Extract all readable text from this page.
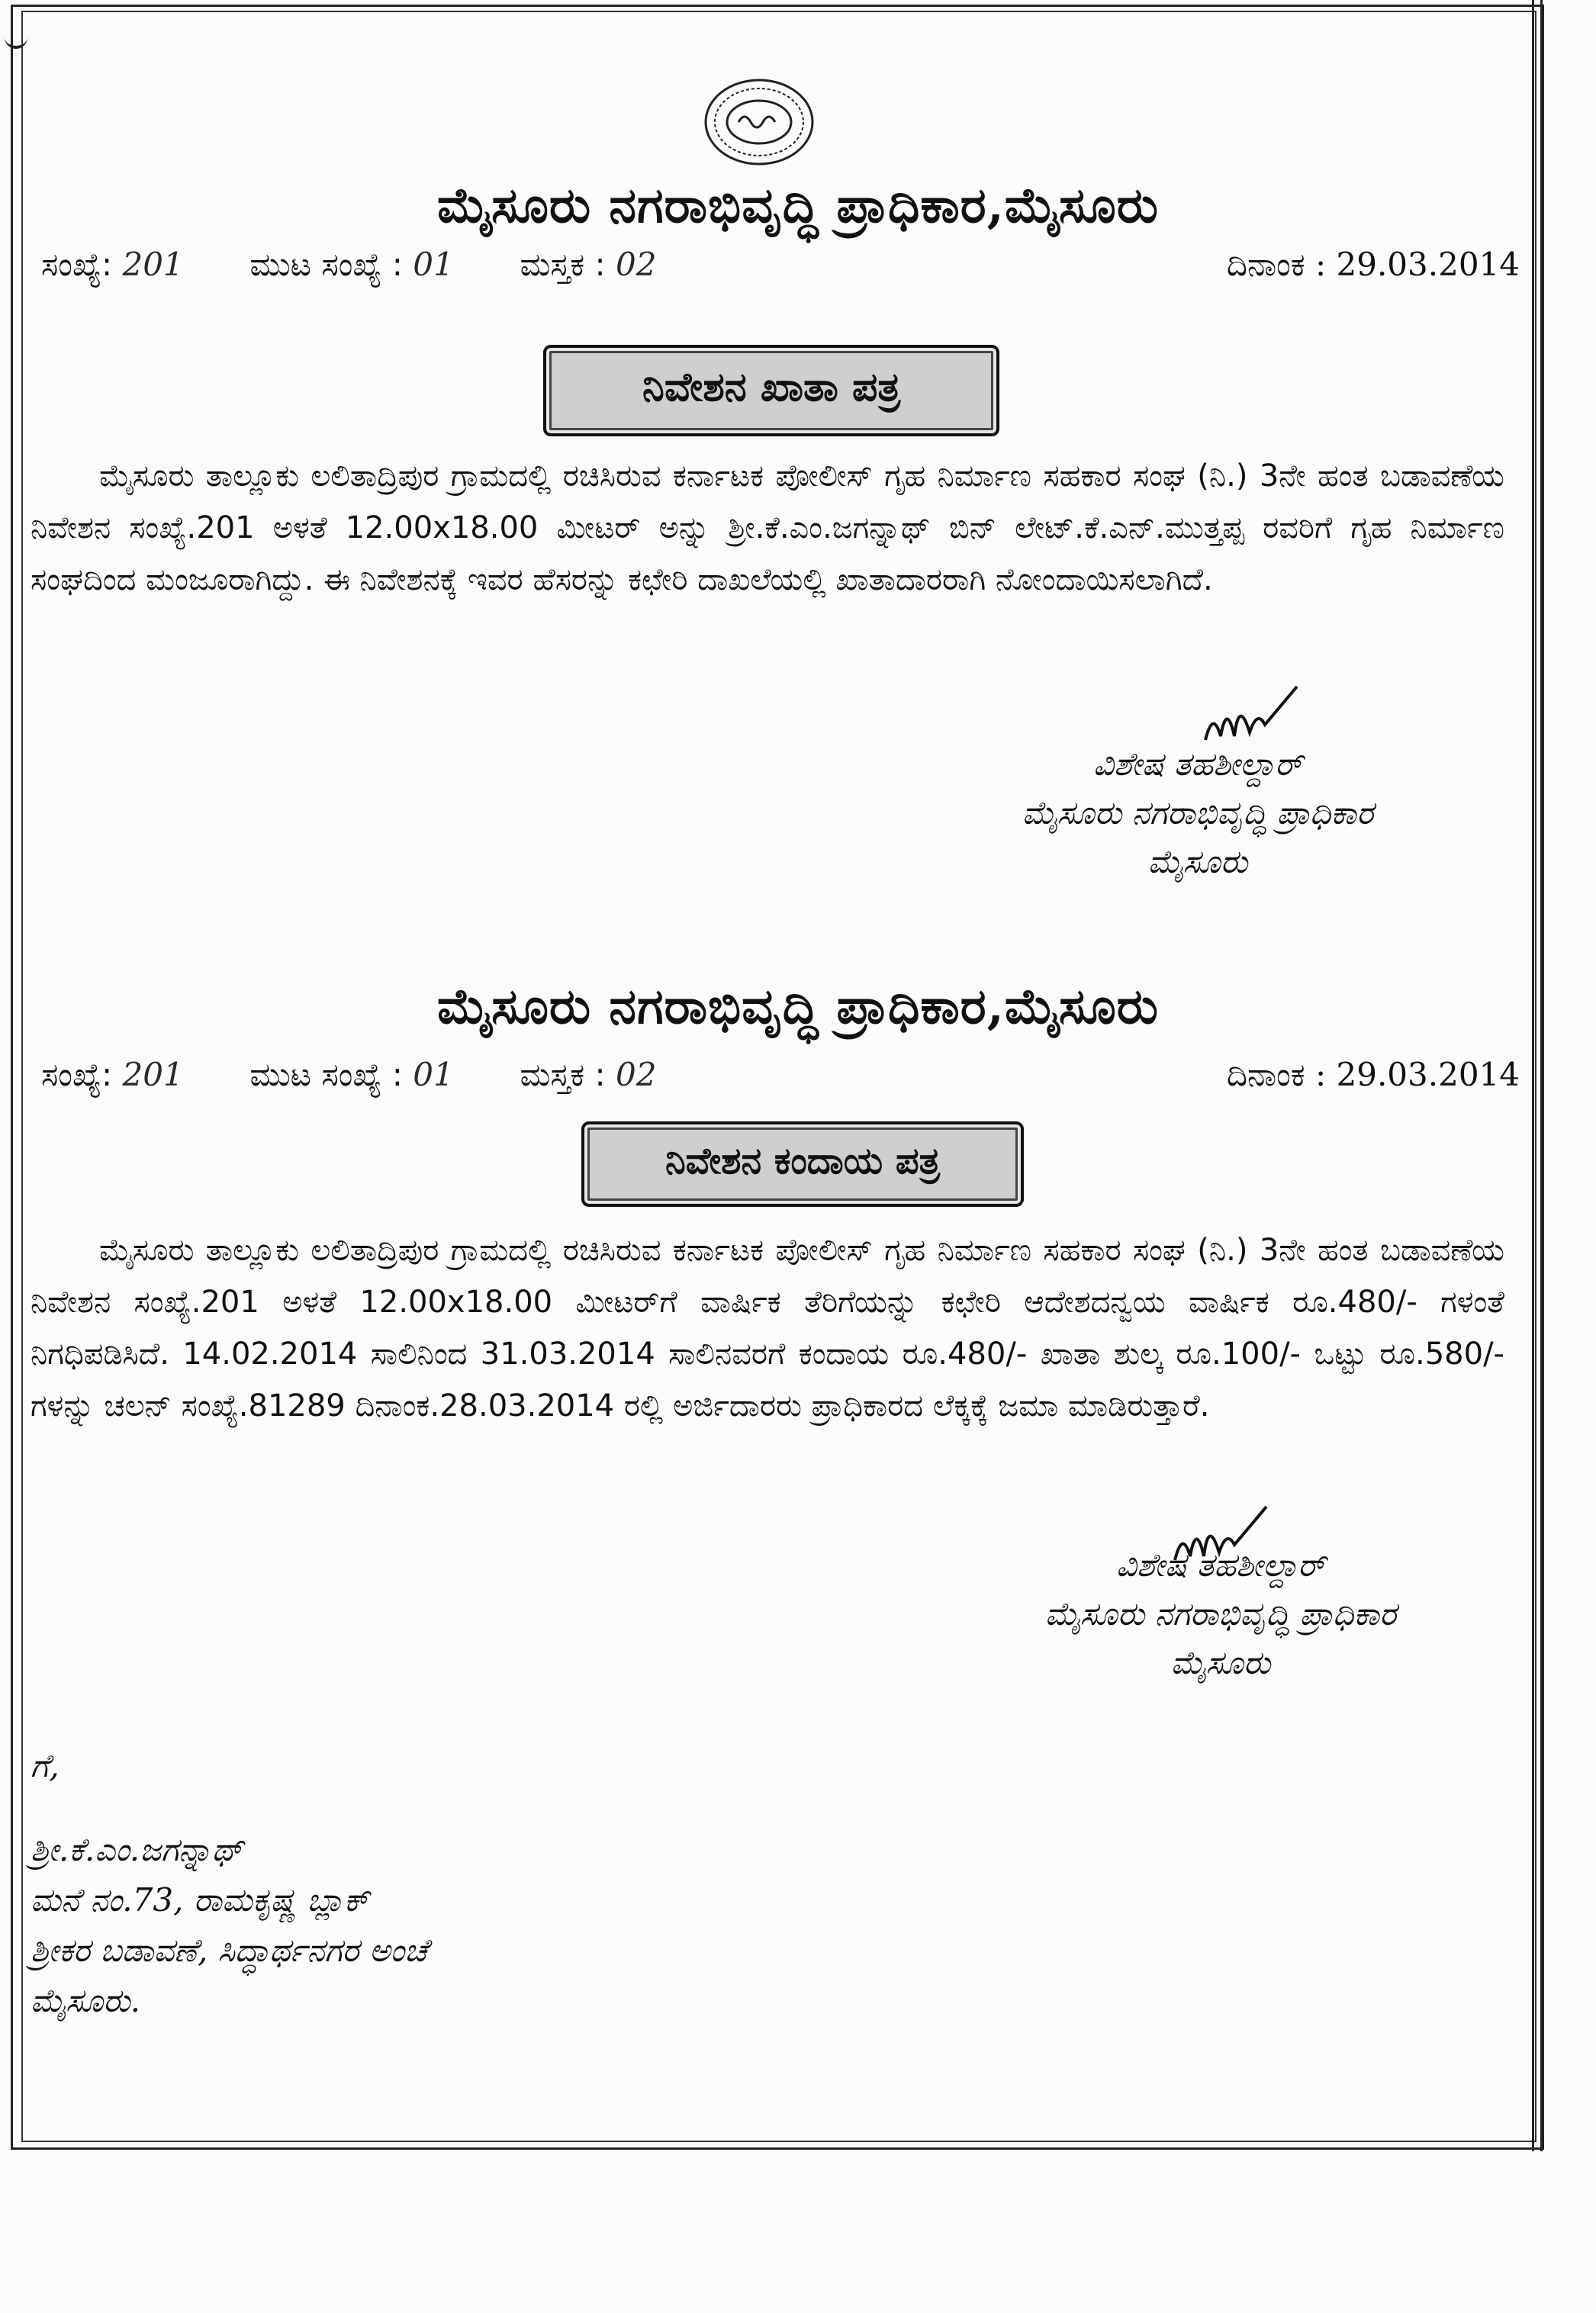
ಮೈಸೂರು ನಗರಾಭಿವೃದ್ಧಿ ಪ್ರಾಧಿಕಾರ,ಮೈಸೂರು
ಸಂಖ್ಯೆ: 201 ಮುಟ ಸಂಖ್ಯೆ : 01 ಮಸ್ತಕ : 02	ದಿನಾಂಕ : 29.03.2014
ನಿವೇಶನ ಖಾತಾ ಪತ್ರ
ಮೈಸೂರು ತಾಲ್ಲೂಕು ಲಲಿತಾದ್ರಿಪುರ ಗ್ರಾಮದಲ್ಲಿ ರಚಿಸಿರುವ ಕರ್ನಾಟಕ ಪೋಲೀಸ್ ಗೃಹ ನಿರ್ಮಾಣ ಸಹಕಾರ ಸಂಘ (ನಿ.) 3ನೇ ಹಂತ ಬಡಾವಣೆಯ ನಿವೇಶನ ಸಂಖ್ಯೆ.201 ಅಳತೆ 12.00x18.00 ಮೀಟರ್ ಅನ್ನು ಶ್ರೀ.ಕೆ.ಎಂ.ಜಗನ್ನಾಥ್ ಬಿನ್ ಲೇಟ್.ಕೆ.ಎನ್.ಮುತ್ತಪ್ಪ ರವರಿಗೆ ಗೃಹ ನಿರ್ಮಾಣ ಸಂಘದಿಂದ ಮಂಜೂರಾಗಿದ್ದು. ಈ ನಿವೇಶನಕ್ಕೆ ಇವರ ಹೆಸರನ್ನು ಕಛೇರಿ ದಾಖಲೆಯಲ್ಲಿ ಖಾತಾದಾರರಾಗಿ ನೋಂದಾಯಿಸಲಾಗಿದೆ.
ವಿಶೇಷ ತಹಶೀಲ್ದಾರ್
ಮೈಸೂರು ನಗರಾಭಿವೃದ್ಧಿ ಪ್ರಾಧಿಕಾರ
ಮೈಸೂರು
ಮೈಸೂರು ನಗರಾಭಿವೃದ್ಧಿ ಪ್ರಾಧಿಕಾರ,ಮೈಸೂರು
ಸಂಖ್ಯೆ: 201 ಮುಟ ಸಂಖ್ಯೆ : 01 ಮಸ್ತಕ : 02	ದಿನಾಂಕ : 29.03.2014
ನಿವೇಶನ ಕಂದಾಯ ಪತ್ರ
ಮೈಸೂರು ತಾಲ್ಲೂಕು ಲಲಿತಾದ್ರಿಪುರ ಗ್ರಾಮದಲ್ಲಿ ರಚಿಸಿರುವ ಕರ್ನಾಟಕ ಪೋಲೀಸ್ ಗೃಹ ನಿರ್ಮಾಣ ಸಹಕಾರ ಸಂಘ (ನಿ.) 3ನೇ ಹಂತ ಬಡಾವಣೆಯ ನಿವೇಶನ ಸಂಖ್ಯೆ.201 ಅಳತೆ 12.00x18.00 ಮೀಟರ್‌ಗೆ ವಾರ್ಷಿಕ ತೆರಿಗೆಯನ್ನು ಕಛೇರಿ ಆದೇಶದನ್ವಯ ವಾರ್ಷಿಕ ರೂ.480/- ಗಳಂತೆ ನಿಗಧಿಪಡಿಸಿದೆ. 14.02.2014 ಸಾಲಿನಿಂದ 31.03.2014 ಸಾಲಿನವರಗೆ ಕಂದಾಯ ರೂ.480/- ಖಾತಾ ಶುಲ್ಕ ರೂ.100/- ಒಟ್ಟು ರೂ.580/- ಗಳನ್ನು ಚಲನ್ ಸಂಖ್ಯೆ.81289 ದಿನಾಂಕ.28.03.2014 ರಲ್ಲಿ ಅರ್ಜಿದಾರರು ಪ್ರಾಧಿಕಾರದ ಲೆಕ್ಕಕ್ಕೆ ಜಮಾ ಮಾಡಿರುತ್ತಾರೆ.
ವಿಶೇಷ ತಹಶೀಲ್ದಾರ್
ಮೈಸೂರು ನಗರಾಭಿವೃದ್ಧಿ ಪ್ರಾಧಿಕಾರ
ಮೈಸೂರು
ಗೆ,
ಶ್ರೀ.ಕೆ.ಎಂ.ಜಗನ್ನಾಥ್
ಮನೆ ನಂ.73, ರಾಮಕೃಷ್ಣ ಬ್ಲಾಕ್
ಶ್ರೀಕರ ಬಡಾವಣೆ, ಸಿದ್ಧಾರ್ಥನಗರ ಅಂಚೆ
ಮೈಸೂರು.
